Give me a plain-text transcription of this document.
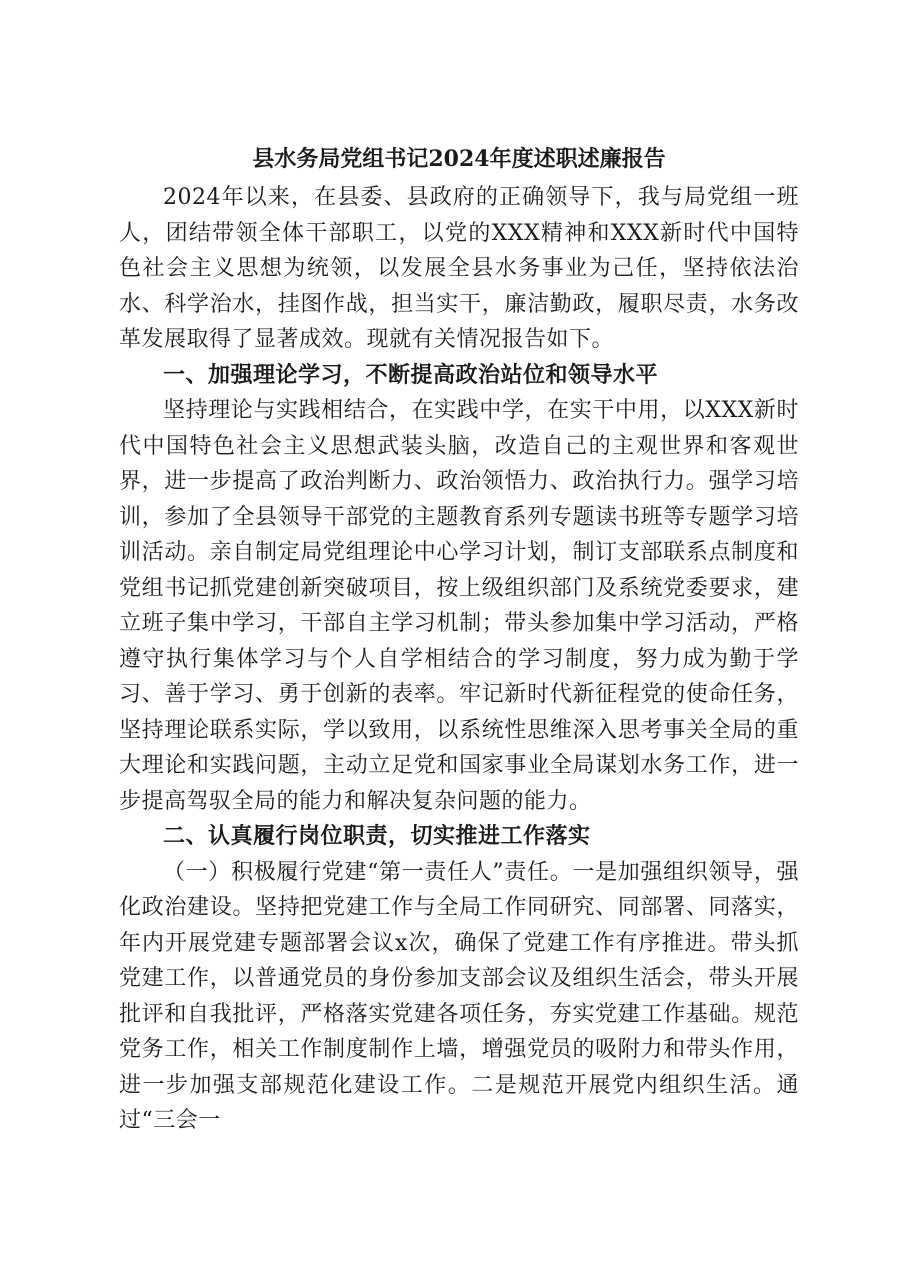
县水务局党组书记2024年度述职述廉报告

2024年以来，在县委、县政府的正确领导下，我与局党组一班人，团结带领全体干部职工，以党的XXX精神和XXX新时代中国特色社会主义思想为统领，以发展全县水务事业为己任，坚持依法治水、科学治水，挂图作战，担当实干，廉洁勤政，履职尽责，水务改革发展取得了显著成效。现就有关情况报告如下。

一、加强理论学习，不断提高政治站位和领导水平

坚持理论与实践相结合，在实践中学，在实干中用，以XXX新时代中国特色社会主义思想武装头脑，改造自己的主观世界和客观世界，进一步提高了政治判断力、政治领悟力、政治执行力。强学习培训，参加了全县领导干部党的主题教育系列专题读书班等专题学习培训活动。亲自制定局党组理论中心学习计划，制订支部联系点制度和党组书记抓党建创新突破项目，按上级组织部门及系统党委要求，建立班子集中学习，干部自主学习机制；带头参加集中学习活动，严格遵守执行集体学习与个人自学相结合的学习制度，努力成为勤于学习、善于学习、勇于创新的表率。牢记新时代新征程党的使命任务，坚持理论联系实际，学以致用，以系统性思维深入思考事关全局的重大理论和实践问题，主动立足党和国家事业全局谋划水务工作，进一步提高驾驭全局的能力和解决复杂问题的能力。

二、认真履行岗位职责，切实推进工作落实

（一）积极履行党建“第一责任人”责任。一是加强组织领导，强化政治建设。坚持把党建工作与全局工作同研究、同部署、同落实，年内开展党建专题部署会议x次，确保了党建工作有序推进。带头抓党建工作，以普通党员的身份参加支部会议及组织生活会，带头开展批评和自我批评，严格落实党建各项任务，夯实党建工作基础。规范党务工作，相关工作制度制作上墙，增强党员的吸附力和带头作用，进一步加强支部规范化建设工作。二是规范开展党内组织生活。通过“三会一
